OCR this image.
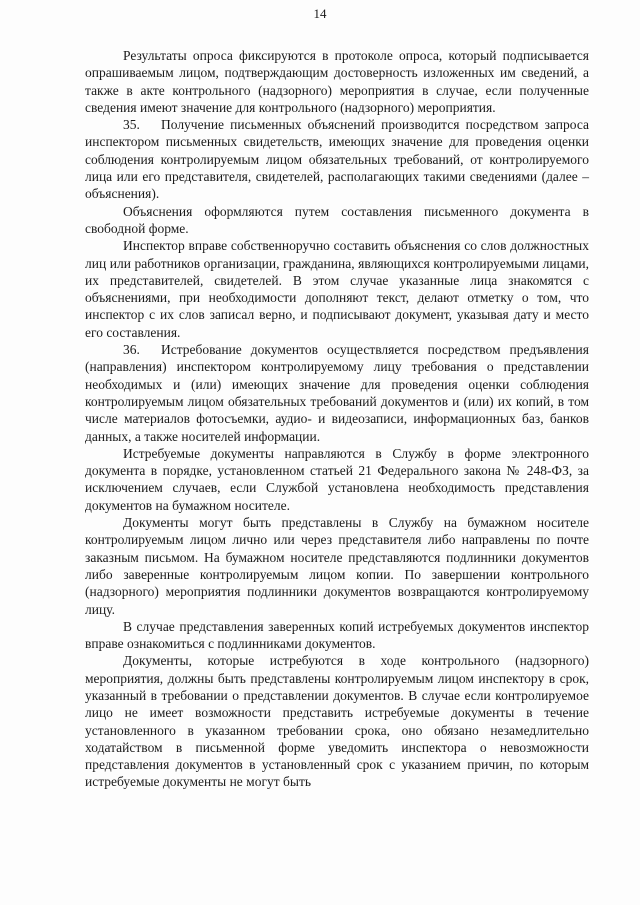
14

Результаты опроса фиксируются в протоколе опроса, который подписывается опрашиваемым лицом, подтверждающим достоверность изложенных им сведений, а также в акте контрольного (надзорного) мероприятия в случае, если полученные сведения имеют значение для контрольного (надзорного) мероприятия.

35. Получение письменных объяснений производится посредством запроса инспектором письменных свидетельств, имеющих значение для проведения оценки соблюдения контролируемым лицом обязательных требований, от контролируемого лица или его представителя, свидетелей, располагающих такими сведениями (далее – объяснения).

Объяснения оформляются путем составления письменного документа в свободной форме.

Инспектор вправе собственноручно составить объяснения со слов должностных лиц или работников организации, гражданина, являющихся контролируемыми лицами, их представителей, свидетелей. В этом случае указанные лица знакомятся с объяснениями, при необходимости дополняют текст, делают отметку о том, что инспектор с их слов записал верно, и подписывают документ, указывая дату и место его составления.

36. Истребование документов осуществляется посредством предъявления (направления) инспектором контролируемому лицу требования о представлении необходимых и (или) имеющих значение для проведения оценки соблюдения контролируемым лицом обязательных требований документов и (или) их копий, в том числе материалов фотосъемки, аудио- и видеозаписи, информационных баз, банков данных, а также носителей информации.

Истребуемые документы направляются в Службу в форме электронного документа в порядке, установленном статьей 21 Федерального закона № 248-ФЗ, за исключением случаев, если Службой установлена необходимость представления документов на бумажном носителе.

Документы могут быть представлены в Службу на бумажном носителе контролируемым лицом лично или через представителя либо направлены по почте заказным письмом. На бумажном носителе представляются подлинники документов либо заверенные контролируемым лицом копии. По завершении контрольного (надзорного) мероприятия подлинники документов возвращаются контролируемому лицу.

В случае представления заверенных копий истребуемых документов инспектор вправе ознакомиться с подлинниками документов.

Документы, которые истребуются в ходе контрольного (надзорного) мероприятия, должны быть представлены контролируемым лицом инспектору в срок, указанный в требовании о представлении документов. В случае если контролируемое лицо не имеет возможности представить истребуемые документы в течение установленного в указанном требовании срока, оно обязано незамедлительно ходатайством в письменной форме уведомить инспектора о невозможности представления документов в установленный срок с указанием причин, по которым истребуемые документы не могут быть
